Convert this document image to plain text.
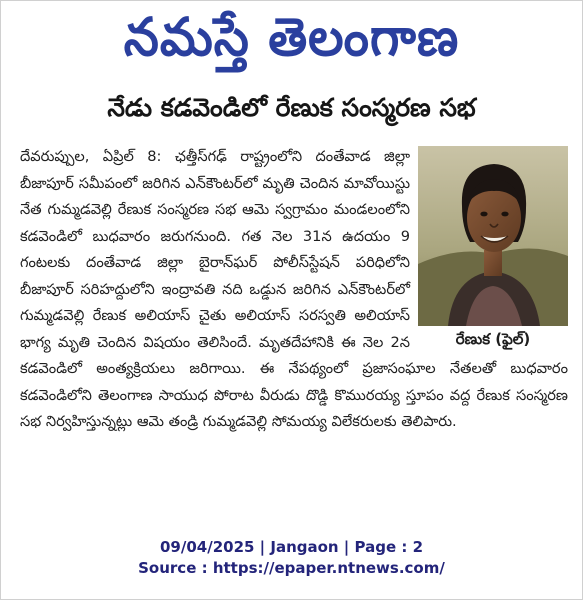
నమస్తే తెలంగాణ
నేడు కడవెండిలో రేణుక సంస్మరణ సభ
రేణుక (ఫైల్)
దేవరుప్పుల, ఏప్రిల్ 8: ఛత్తీస్‌గఢ్ రాష్ట్రంలోని దంతేవాడ జిల్లా బీజాపూర్ సమీపంలో జరిగిన ఎన్‌కౌంటర్‌లో మృతి చెందిన మావోయిస్టు నేత గుమ్మడవెల్లి రేణుక సంస్మరణ సభ ఆమె స్వగ్రామం మండలంలోని కడవెండిలో బుధవారం జరుగనుంది. గత నెల 31న ఉదయం 9 గంటలకు దంతేవాడ జిల్లా బైరాన్‌ఘర్ పోలీస్‌స్టేషన్ పరిధిలోని బీజాపూర్ సరిహద్దులోని ఇంద్రావతి నది ఒడ్డున జరిగిన ఎన్‌కౌంటర్‌లో గుమ్మడవెల్లి రేణుక అలియాస్ చైతు అలియాస్ సరస్వతి అలియాస్ భాగ్య మృతి చెందిన విషయం తెలిసిందే. మృతదేహానికి ఈ నెల 2న కడవెండిలో అంత్యక్రియలు జరిగాయి. ఈ నేపథ్యంలో ప్రజాసంఘాల నేతలతో బుధవారం కడవెండిలోని తెలంగాణ సాయుధ పోరాట వీరుడు దొడ్డి కొమురయ్య స్తూపం వద్ద రేణుక సంస్మరణ సభ నిర్వహిస్తున్నట్లు ఆమె తండ్రి గుమ్మడవెల్లి సోమయ్య విలేకరులకు తెలిపారు.
09/04/2025 | Jangaon | Page : 2
Source : https://epaper.ntnews.com/
